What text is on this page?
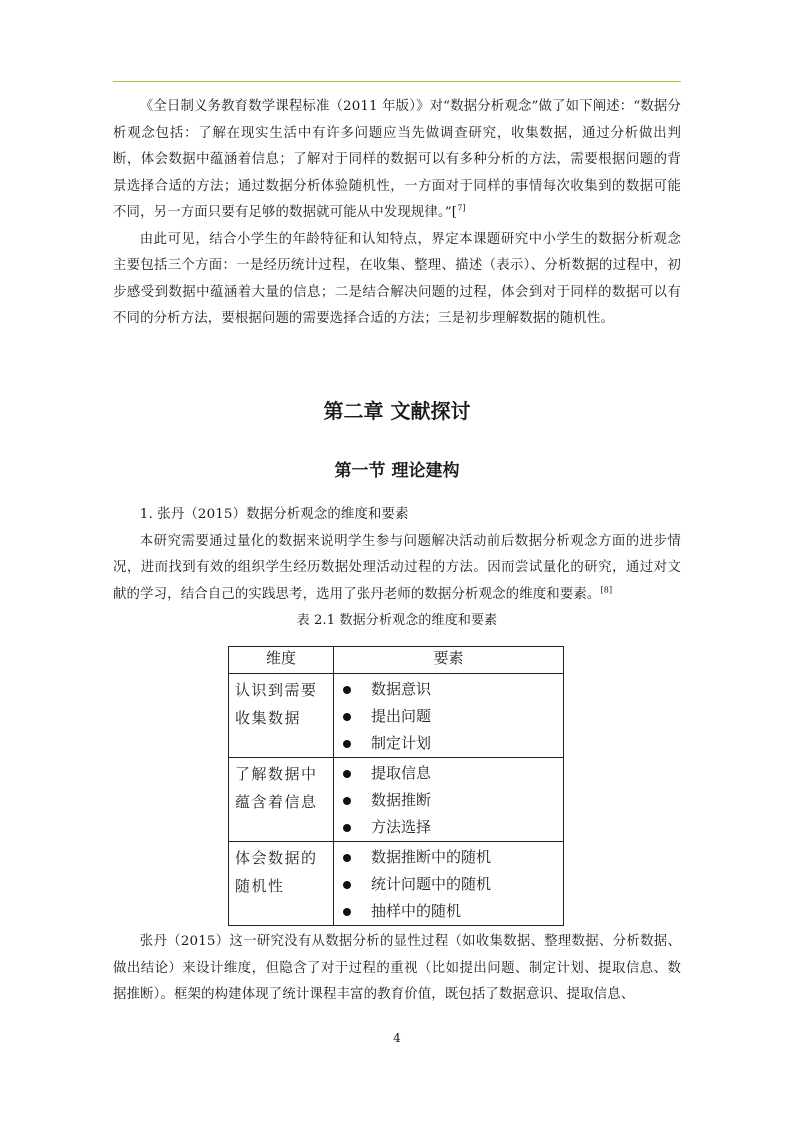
《全日制义务教育数学课程标准（2011 年版）》对“数据分析观念”做了如下阐述：“数据分析观念包括：了解在现实生活中有许多问题应当先做调查研究，收集数据，通过分析做出判断，体会数据中蕴涵着信息；了解对于同样的数据可以有多种分析的方法，需要根据问题的背景选择合适的方法；通过数据分析体验随机性，一方面对于同样的事情每次收集到的数据可能不同，另一方面只要有足够的数据就可能从中发现规律。”[$^{7]}$

由此可见，结合小学生的年龄特征和认知特点，界定本课题研究中小学生的数据分析观念主要包括三个方面：一是经历统计过程，在收集、整理、描述（表示）、分析数据的过程中，初步感受到数据中蕴涵着大量的信息；二是结合解决问题的过程，体会到对于同样的数据可以有不同的分析方法，要根据问题的需要选择合适的方法；三是初步理解数据的随机性。

第二章 文献探讨
第一节 理论建构

1. 张丹（2015）数据分析观念的维度和要素

本研究需要通过量化的数据来说明学生参与问题解决活动前后数据分析观念方面的进步情况，进而找到有效的组织学生经历数据处理活动过程的方法。因而尝试量化的研究，通过对文献的学习，结合自己的实践思考，选用了张丹老师的数据分析观念的维度和要素。[8]

表 2.1 数据分析观念的维度和要素

维度	要素
认识到需要收集数据	数据意识
提出问题
制定计划

了解数据中蕴含着信息	提取信息
数据推断
方法选择

体会数据的随机性	数据推断中的随机
统计问题中的随机
抽样中的随机

张丹（2015）这一研究没有从数据分析的显性过程（如收集数据、整理数据、分析数据、做出结论）来设计维度，但隐含了对于过程的重视（比如提出问题、制定计划、提取信息、数据推断）。框架的构建体现了统计课程丰富的教育价值，既包括了数据意识、提取信息、

4
